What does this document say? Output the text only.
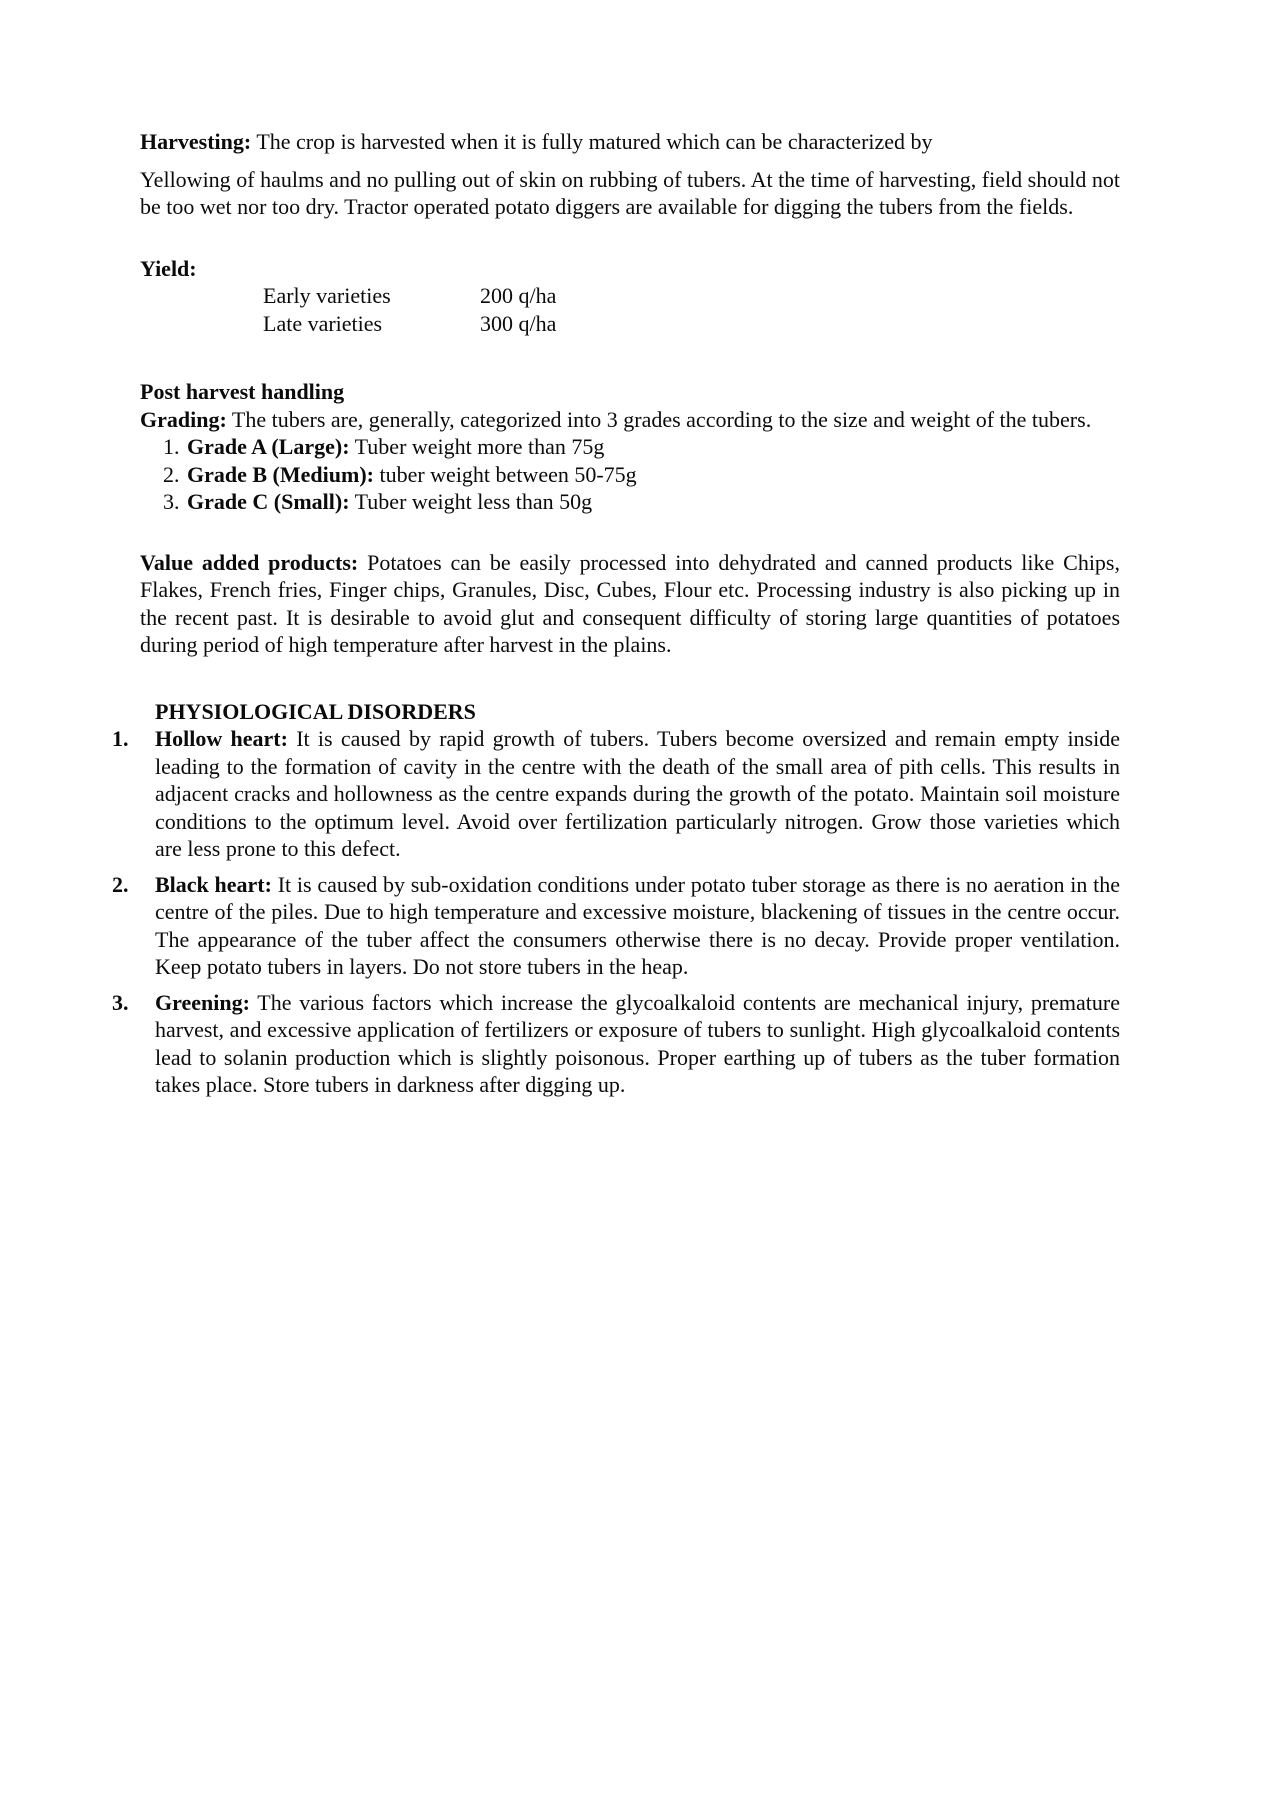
Harvesting: The crop is harvested when it is fully matured which can be characterized by

Yellowing of haulms and no pulling out of skin on rubbing of tubers. At the time of harvesting, field should not be too wet nor too dry. Tractor operated potato diggers are available for digging the tubers from the fields.

Yield:

Early varieties	200 q/ha
Late varieties	300 q/ha

Post harvest handling

Grading: The tubers are, generally, categorized into 3 grades according to the size and weight of the tubers.

1. Grade A (Large): Tuber weight more than 75g
2. Grade B (Medium): tuber weight between 50-75g
3. Grade C (Small): Tuber weight less than 50g

Value added products: Potatoes can be easily processed into dehydrated and canned products like Chips, Flakes, French fries, Finger chips, Granules, Disc, Cubes, Flour etc. Processing industry is also picking up in the recent past. It is desirable to avoid glut and consequent difficulty of storing large quantities of potatoes during period of high temperature after harvest in the plains.

PHYSIOLOGICAL DISORDERS

1. Hollow heart: It is caused by rapid growth of tubers. Tubers become oversized and remain empty inside leading to the formation of cavity in the centre with the death of the small area of pith cells. This results in adjacent cracks and hollowness as the centre expands during the growth of the potato. Maintain soil moisture conditions to the optimum level. Avoid over fertilization particularly nitrogen. Grow those varieties which are less prone to this defect.
2. Black heart: It is caused by sub-oxidation conditions under potato tuber storage as there is no aeration in the centre of the piles. Due to high temperature and excessive moisture, blackening of tissues in the centre occur. The appearance of the tuber affect the consumers otherwise there is no decay. Provide proper ventilation. Keep potato tubers in layers. Do not store tubers in the heap.
3. Greening: The various factors which increase the glycoalkaloid contents are mechanical injury, premature harvest, and excessive application of fertilizers or exposure of tubers to sunlight. High glycoalkaloid contents lead to solanin production which is slightly poisonous. Proper earthing up of tubers as the tuber formation takes place. Store tubers in darkness after digging up.
